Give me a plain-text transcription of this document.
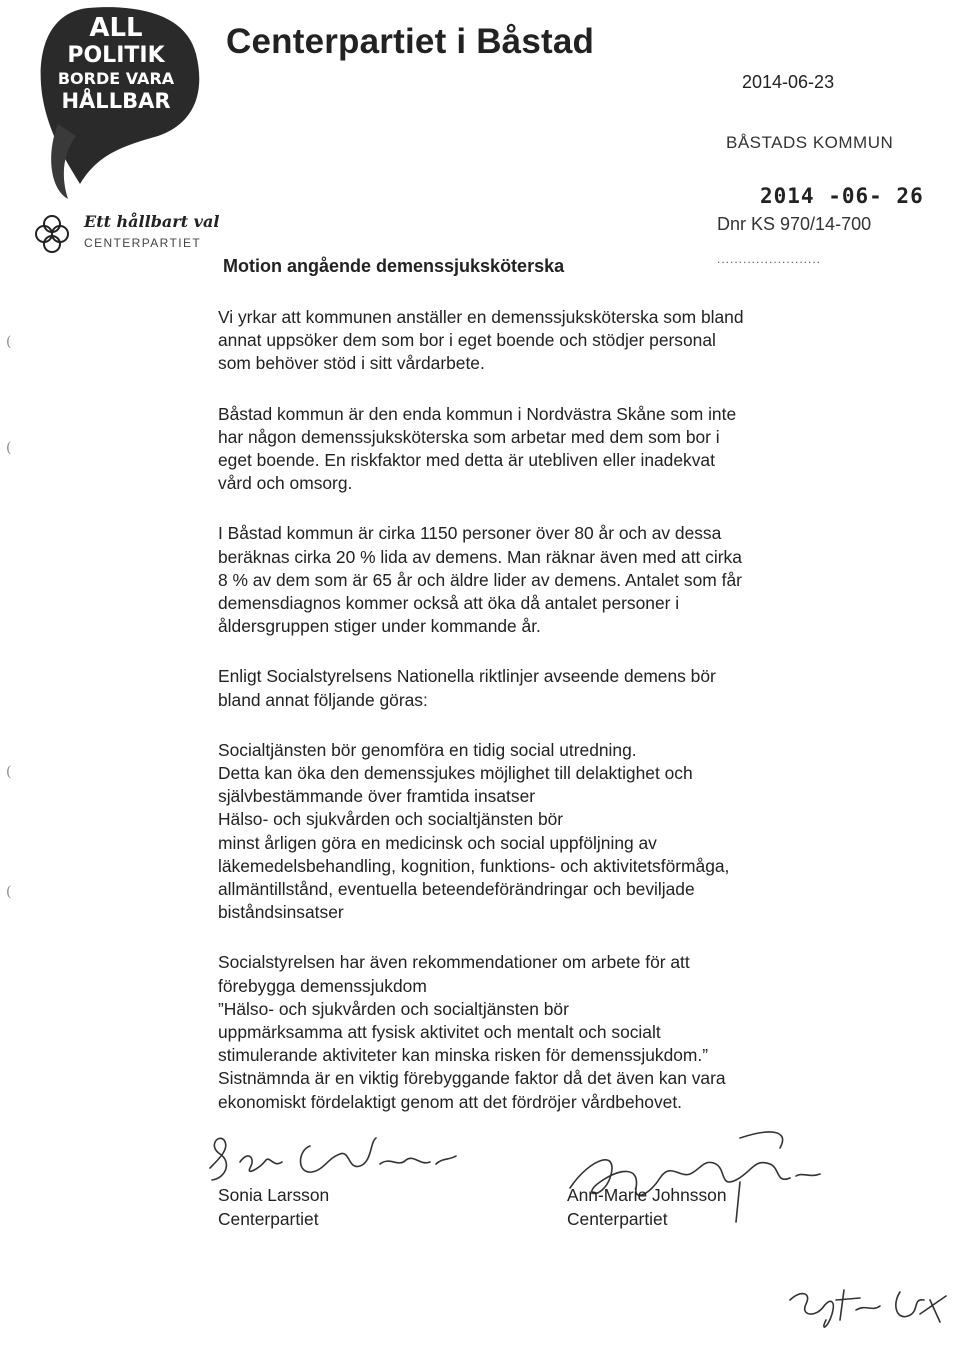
ALL
POLITIK
BORDE VARA
HÅLLBAR
Ett hållbart val
CENTERPARTIET
Centerpartiet i Båstad
2014-06-23
BÅSTADS KOMMUN
2014 -06- 26
Dnr KS 970/14-700
........................
Motion angående demenssjuksköterska
(
(
(
(

Vi yrkar att kommunen anställer en demenssjuksköterska som bland
annat uppsöker dem som bor i eget boende och stödjer personal
som behöver stöd i sitt vårdarbete.

Båstad kommun är den enda kommun i Nordvästra Skåne som inte
har någon demenssjuksköterska som arbetar med dem som bor i
eget boende. En riskfaktor med detta är utebliven eller inadekvat
vård och omsorg.

I Båstad kommun är cirka 1150 personer över 80 år och av dessa
beräknas cirka 20 % lida av demens. Man räknar även med att cirka
8 % av dem som är 65 år och äldre lider av demens. Antalet som får
demensdiagnos kommer också att öka då antalet personer i
åldersgruppen stiger under kommande år.

Enligt Socialstyrelsens Nationella riktlinjer avseende demens bör
bland annat följande göras:

Socialtjänsten bör genomföra en tidig social utredning.
Detta kan öka den demenssjukes möjlighet till delaktighet och
självbestämmande över framtida insatser
Hälso- och sjukvården och socialtjänsten bör
minst årligen göra en medicinsk och social uppföljning av
läkemedelsbehandling, kognition, funktions- och aktivitetsförmåga,
allmäntillstånd, eventuella beteendeförändringar och beviljade
biståndsinsatser

Socialstyrelsen har även rekommendationer om arbete för att
förebygga demenssjukdom
”Hälso- och sjukvården och socialtjänsten bör
uppmärksamma att fysisk aktivitet och mentalt och socialt
stimulerande aktiviteter kan minska risken för demenssjukdom.”
Sistnämnda är en viktig förebyggande faktor då det även kan vara
ekonomiskt fördelaktigt genom att det fördröjer vårdbehovet.

Sonia Larsson
Centerpartiet
Ann-Marie Johnsson
Centerpartiet
